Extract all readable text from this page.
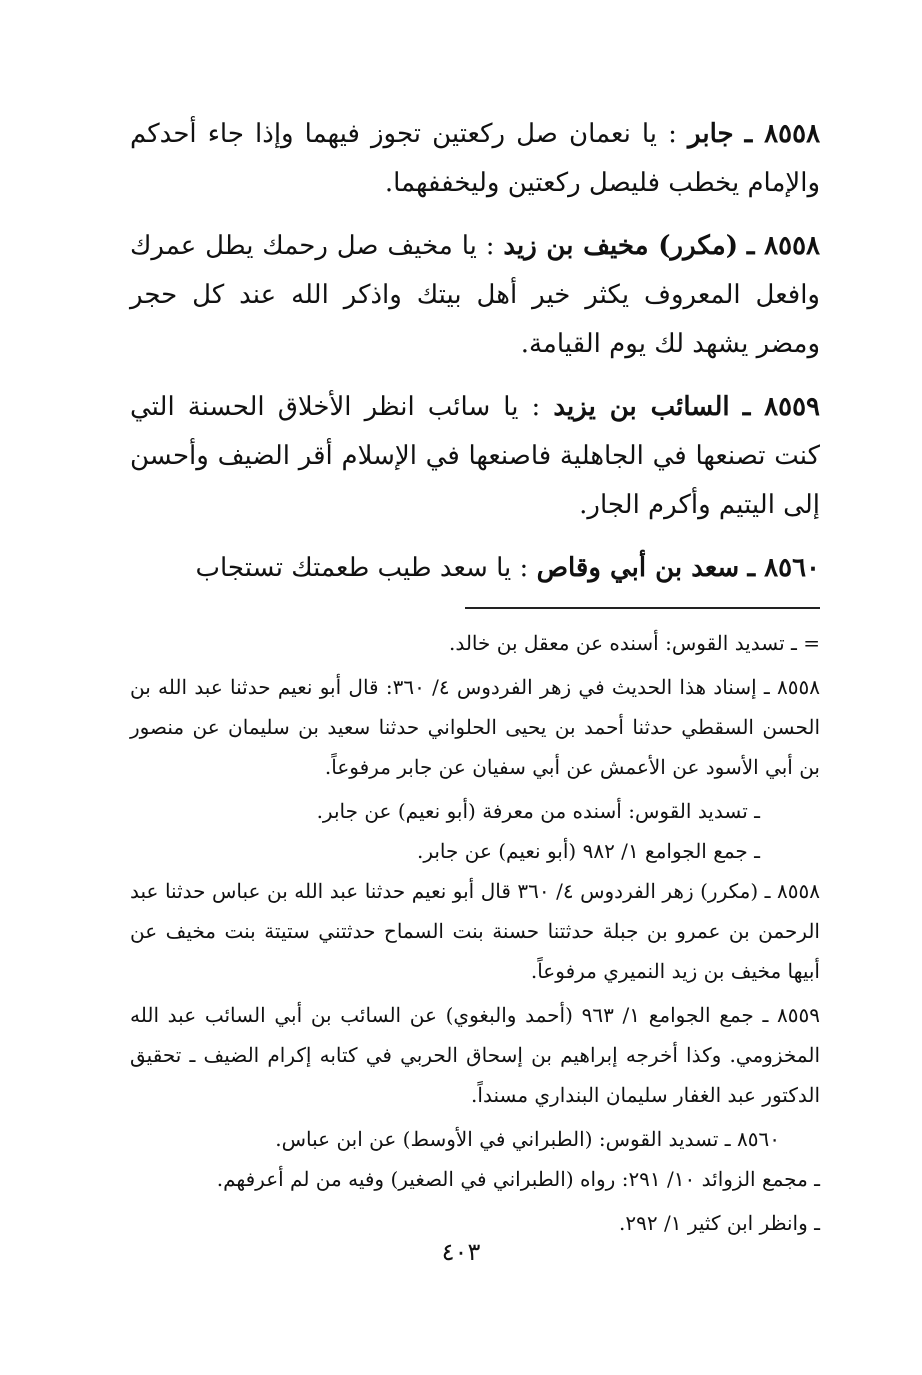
٨٥٥٨ ـ جابر : يا نعمان صل ركعتين تجوز فيهما وإذا جاء أحدكم والإمام يخطب فليصل ركعتين وليخففهما.

٨٥٥٨ ـ (مكرر) مخيف بن زيد : يا مخيف صل رحمك يطل عمرك وافعل المعروف يكثر خير أهل بيتك واذكر الله عند كل حجر ومضر يشهد لك يوم القيامة.

٨٥٥٩ ـ السائب بن يزيد : يا سائب انظر الأخلاق الحسنة التي كنت تصنعها في الجاهلية فاصنعها في الإسلام أقر الضيف وأحسن إلى اليتيم وأكرم الجار.

٨٥٦٠ ـ سعد بن أبي وقاص : يا سعد طيب طعمتك تستجاب

= ـ تسديد القوس: أسنده عن معقل بن خالد.

٨٥٥٨ ـ إسناد هذا الحديث في زهر الفردوس ٤/ ٣٦٠: قال أبو نعيم حدثنا عبد الله بن الحسن السقطي حدثنا أحمد بن يحيى الحلواني حدثنا سعيد بن سليمان عن منصور بن أبي الأسود عن الأعمش عن أبي سفيان عن جابر مرفوعاً.

ـ تسديد القوس: أسنده من معرفة (أبو نعيم) عن جابر.

ـ جمع الجوامع ١/ ٩٨٢ (أبو نعيم) عن جابر.

٨٥٥٨ ـ (مكرر) زهر الفردوس ٤/ ٣٦٠ قال أبو نعيم حدثنا عبد الله بن عباس حدثنا عبد الرحمن بن عمرو بن جبلة حدثتنا حسنة بنت السماح حدثتني ستيتة بنت مخيف عن أبيها مخيف بن زيد النميري مرفوعاً.

٨٥٥٩ ـ جمع الجوامع ١/ ٩٦٣ (أحمد والبغوي) عن السائب بن أبي السائب عبد الله المخزومي. وكذا أخرجه إبراهيم بن إسحاق الحربي في كتابه إكرام الضيف ـ تحقيق الدكتور عبد الغفار سليمان البنداري مسنداً.

٨٥٦٠ ـ تسديد القوس: (الطبراني في الأوسط) عن ابن عباس.

ـ مجمع الزوائد ١٠/ ٢٩١: رواه (الطبراني في الصغير) وفيه من لم أعرفهم.

ـ وانظر ابن كثير ١/ ٢٩٢.

٤٠٣
